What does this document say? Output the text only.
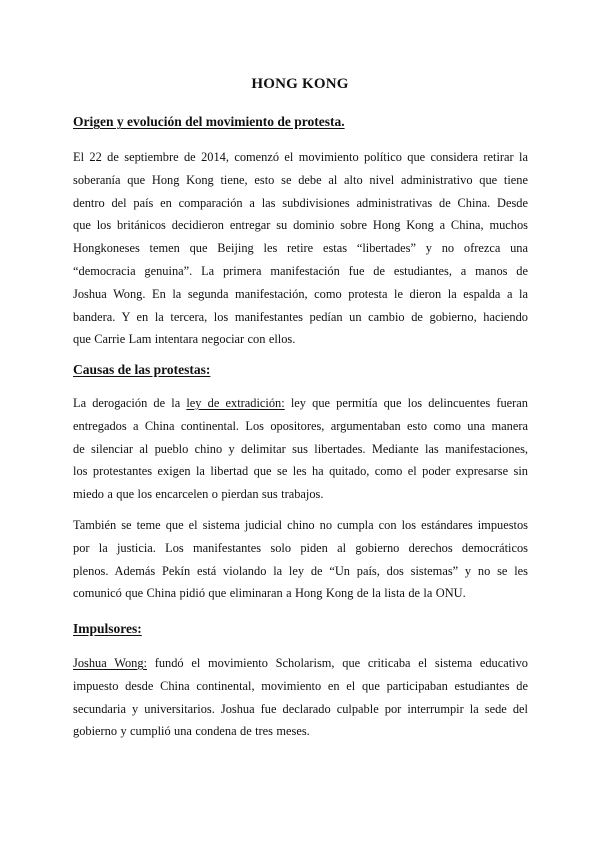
HONG KONG
Origen y evolución del movimiento de protesta.
El 22 de septiembre de 2014, comenzó el movimiento político que considera retirar la
soberanía que Hong Kong tiene, esto se debe al alto nivel administrativo que tiene
dentro del país en comparación a las subdivisiones administrativas de China. Desde
que los británicos decidieron entregar su dominio sobre Hong Kong a China, muchos
Hongkoneses temen que Beijing les retire estas “libertades” y no ofrezca una
“democracia genuina”. La primera manifestación fue de estudiantes, a manos de
Joshua Wong. En la segunda manifestación, como protesta le dieron la espalda a la
bandera. Y en la tercera, los manifestantes pedían un cambio de gobierno, haciendo
que Carrie Lam intentara negociar con ellos.
Causas de las protestas:
La derogación de la ley de extradición: ley que permitía que los delincuentes fueran
entregados a China continental. Los opositores, argumentaban esto como una manera
de silenciar al pueblo chino y delimitar sus libertades. Mediante las manifestaciones,
los protestantes exigen la libertad que se les ha quitado, como el poder expresarse sin
miedo a que los encarcelen o pierdan sus trabajos.
También se teme que el sistema judicial chino no cumpla con los estándares impuestos
por la justicia. Los manifestantes solo piden al gobierno derechos democráticos
plenos. Además Pekín está violando la ley de “Un país, dos sistemas” y no se les
comunicó que China pidió que eliminaran a Hong Kong de la lista de la ONU.
Impulsores:
Joshua Wong: fundó el movimiento Scholarism, que criticaba el sistema educativo
impuesto desde China continental, movimiento en el que participaban estudiantes de
secundaria y universitarios. Joshua fue declarado culpable por interrumpir la sede del
gobierno y cumplió una condena de tres meses.
